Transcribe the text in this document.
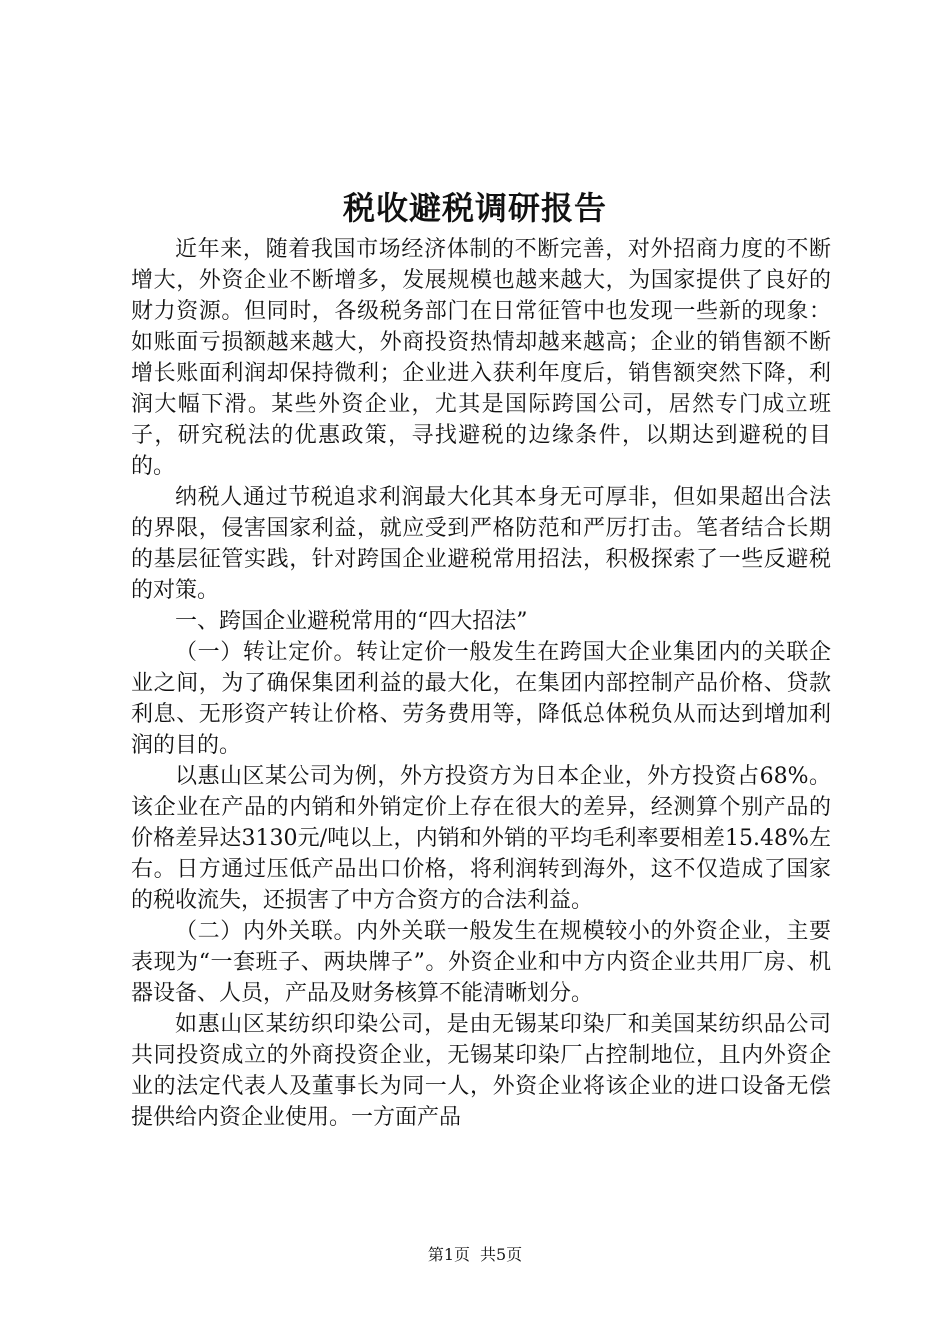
税收避税调研报告

近年来，随着我国市场经济体制的不断完善，对外招商力度的不断增大，外资企业不断增多，发展规模也越来越大，为国家提供了良好的财力资源。但同时，各级税务部门在日常征管中也发现一些新的现象：如账面亏损额越来越大，外商投资热情却越来越高；企业的销售额不断增长账面利润却保持微利；企业进入获利年度后，销售额突然下降，利润大幅下滑。某些外资企业，尤其是国际跨国公司，居然专门成立班子，研究税法的优惠政策，寻找避税的边缘条件，以期达到避税的目的。

纳税人通过节税追求利润最大化其本身无可厚非，但如果超出合法的界限，侵害国家利益，就应受到严格防范和严厉打击。笔者结合长期的基层征管实践，针对跨国企业避税常用招法，积极探索了一些反避税的对策。

一、跨国企业避税常用的“四大招法”

（一）转让定价。转让定价一般发生在跨国大企业集团内的关联企业之间，为了确保集团利益的最大化，在集团内部控制产品价格、贷款利息、无形资产转让价格、劳务费用等，降低总体税负从而达到增加利润的目的。

以惠山区某公司为例，外方投资方为日本企业，外方投资占68%。该企业在产品的内销和外销定价上存在很大的差异，经测算个别产品的价格差异达3130元/吨以上，内销和外销的平均毛利率要相差15.48%左右。日方通过压低产品出口价格，将利润转到海外，这不仅造成了国家的税收流失，还损害了中方合资方的合法利益。

（二）内外关联。内外关联一般发生在规模较小的外资企业，主要表现为“一套班子、两块牌子”。外资企业和中方内资企业共用厂房、机器设备、人员，产品及财务核算不能清晰划分。

如惠山区某纺织印染公司，是由无锡某印染厂和美国某纺织品公司共同投资成立的外商投资企业，无锡某印染厂占控制地位，且内外资企业的法定代表人及董事长为同一人，外资企业将该企业的进口设备无偿提供给内资企业使用。一方面产品

第1页 共5页
